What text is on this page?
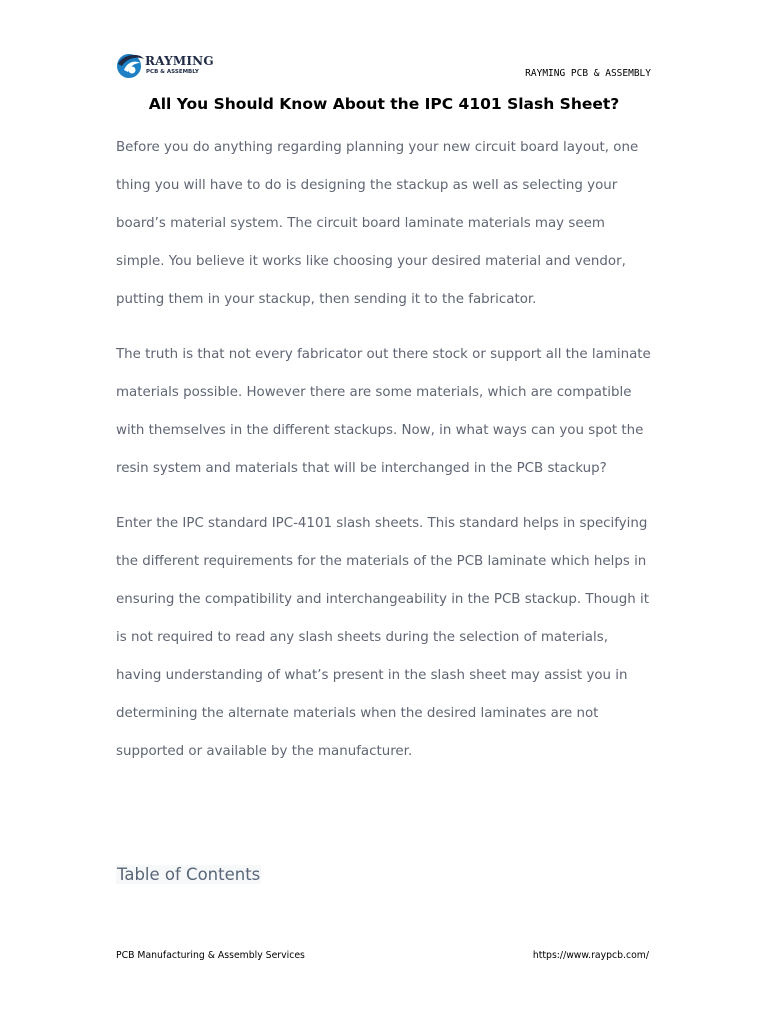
RAYMING
PCB & ASSEMBLY	RAYMING PCB & ASSEMBLY
All You Should Know About the IPC 4101 Slash Sheet?

Before you do anything regarding planning your new circuit board layout, one thing you will have to do is designing the stackup as well as selecting your board’s material system. The circuit board laminate materials may seem simple. You believe it works like choosing your desired material and vendor, putting them in your stackup, then sending it to the fabricator.

The truth is that not every fabricator out there stock or support all the laminate materials possible. However there are some materials, which are compatible with themselves in the different stackups. Now, in what ways can you spot the resin system and materials that will be interchanged in the PCB stackup?

Enter the IPC standard IPC-4101 slash sheets. This standard helps in specifying the different requirements for the materials of the PCB laminate which helps in ensuring the compatibility and interchangeability in the PCB stackup. Though it is not required to read any slash sheets during the selection of materials, having understanding of what’s present in the slash sheet may assist you in determining the alternate materials when the desired laminates are not supported or available by the manufacturer.

Table of Contents
PCB Manufacturing & Assembly Services	https://www.raypcb.com/
